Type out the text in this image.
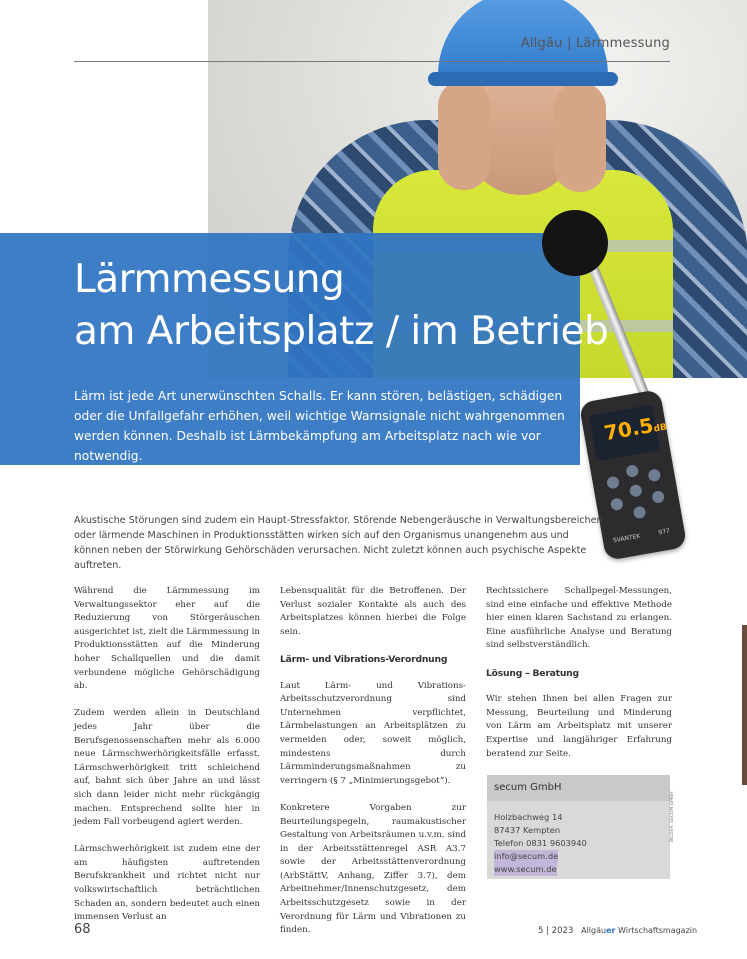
Allgäu | Lärmmessung
Lärmmessung
am Arbeitsplatz / im Betrieb
Lärm ist jede Art unerwünschten Schalls. Er kann stören, belästigen, schädigen oder die Unfallgefahr erhöhen, weil wichtige Warnsignale nicht wahrgenommen werden können. Deshalb ist Lärmbekämpfung am Arbeitsplatz nach wie vor notwendig.
70.5dB
SVANTEK
977

Akustische Störungen sind zudem ein Haupt-Stressfaktor. Störende Nebengeräusche in Verwaltungsbereichen oder lärmende Maschinen in Produktionsstätten wirken sich auf den Organismus unangenehm aus und können neben der Störwirkung Gehörschäden verursachen. Nicht zuletzt können auch psychische Aspekte auftreten.

Während die Lärmmessung im Verwaltungssektor eher auf die Reduzierung von Störgeräuschen ausgerichtet ist, zielt die Lärmmessung in Produktionsstätten auf die Minderung hoher Schallquellen und die damit verbundene mögliche Gehörschädigung ab.

Zudem werden allein in Deutschland jedes Jahr über die Berufsgenossenschaften mehr als 6.000 neue Lärmschwerhörigkeitsfälle erfasst. Lärmschwerhörigkeit tritt schleichend auf, bahnt sich über Jahre an und lässt sich dann leider nicht mehr rückgängig machen. Entsprechend sollte hier in jedem Fall vorbeugend agiert werden.

Lärmschwerhörigkeit ist zudem eine der am häufigsten auftretenden Berufskrankheit und richtet nicht nur volkswirtschaftlich beträchtlichen Schaden an, sondern bedeutet auch einen immensen Verlust an

Lebensqualität für die Betroffenen. Der Verlust sozialer Kontakte als auch des Arbeitsplatzes können hierbei die Folge sein.

Lärm- und Vibrations-Verordnung

Laut Lärm- und Vibrations-Arbeitsschutzverordnung sind Unternehmen verpflichtet, Lärmbelastungen an Arbeitsplätzen zu vermeiden oder, soweit möglich, mindestens durch Lärmminderungsmaßnahmen zu verringern (§ 7 „Minimierungsgebot“).

Konkretere Vorgaben zur Beurteilungspegeln, raumakustischer Gestaltung von Arbeitsräumen u.v.m. sind in der Arbeitsstättenregel ASR A3.7 sowie der Arbeitsstättenverordnung (ArbStättV, Anhang, Ziffer 3.7), dem Arbeitnehmer/Innenschutzgesetz, dem Arbeitsschutzgesetz sowie in der Verordnung für Lärm und Vibrationen zu finden.

Rechtssichere Schallpegel-Messungen, sind eine einfache und effektive Methode hier einen klaren Sachstand zu erlangen. Eine ausführliche Analyse und Beratung sind selbstverständlich.

Lösung – Beratung

Wir stehen Ihnen bei allen Fragen zur Messung, Beurteilung und Minderung von Lärm am Arbeitsplatz mit unserer Expertise und langjähriger Erfahrung beratend zur Seite.

secum GmbH
Holzbachweg 14
87437 Kempten
Telefon 0831 9603940
info@secum.de
www.secum.de
BILDER: SECUM GMBH
68	5 | 2023 Allgäuer Wirtschaftsmagazin
